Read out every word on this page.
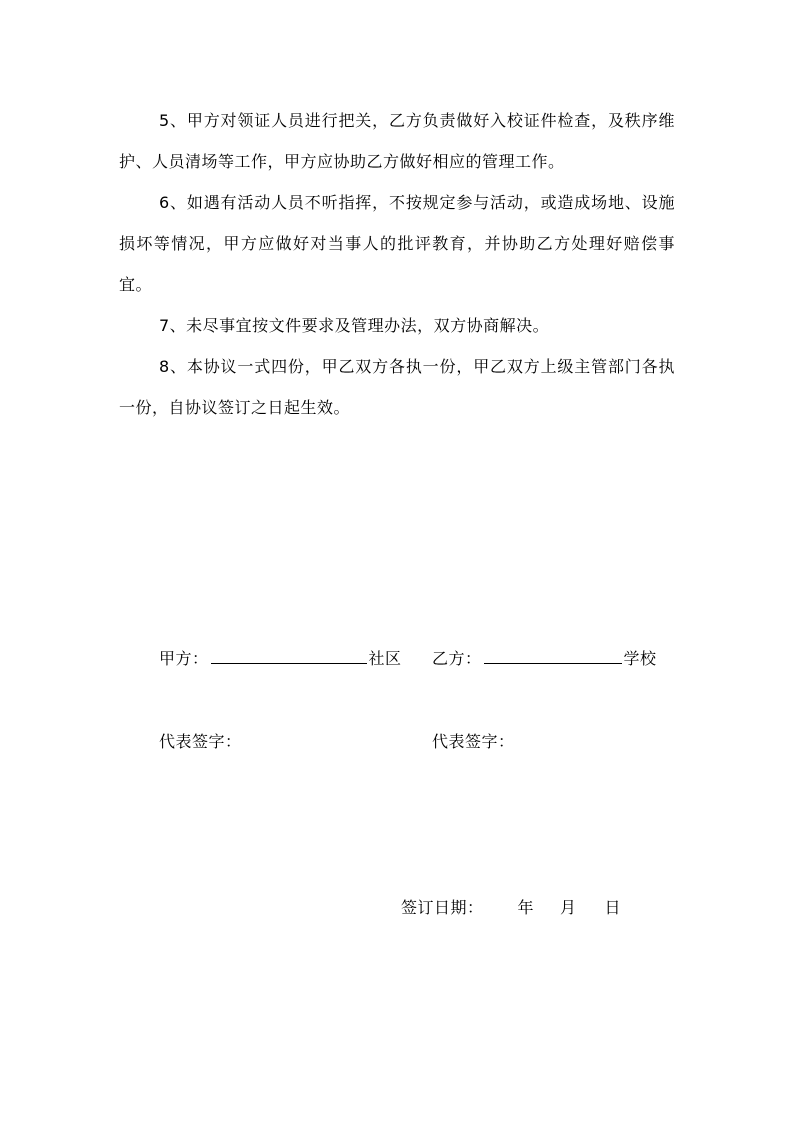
5、甲方对领证人员进行把关，乙方负责做好入校证件检查，及秩序维护、人员清场等工作，甲方应协助乙方做好相应的管理工作。

6、如遇有活动人员不听指挥，不按规定参与活动，或造成场地、设施损坏等情况，甲方应做好对当事人的批评教育，并协助乙方处理好赔偿事宜。

7、未尽事宜按文件要求及管理办法，双方协商解决。

8、本协议一式四份，甲乙双方各执一份，甲乙双方上级主管部门各执一份，自协议签订之日起生效。

甲方：	社区 乙方：	学校
代表签字：	代表签字：
签订日期： 年 月 日
